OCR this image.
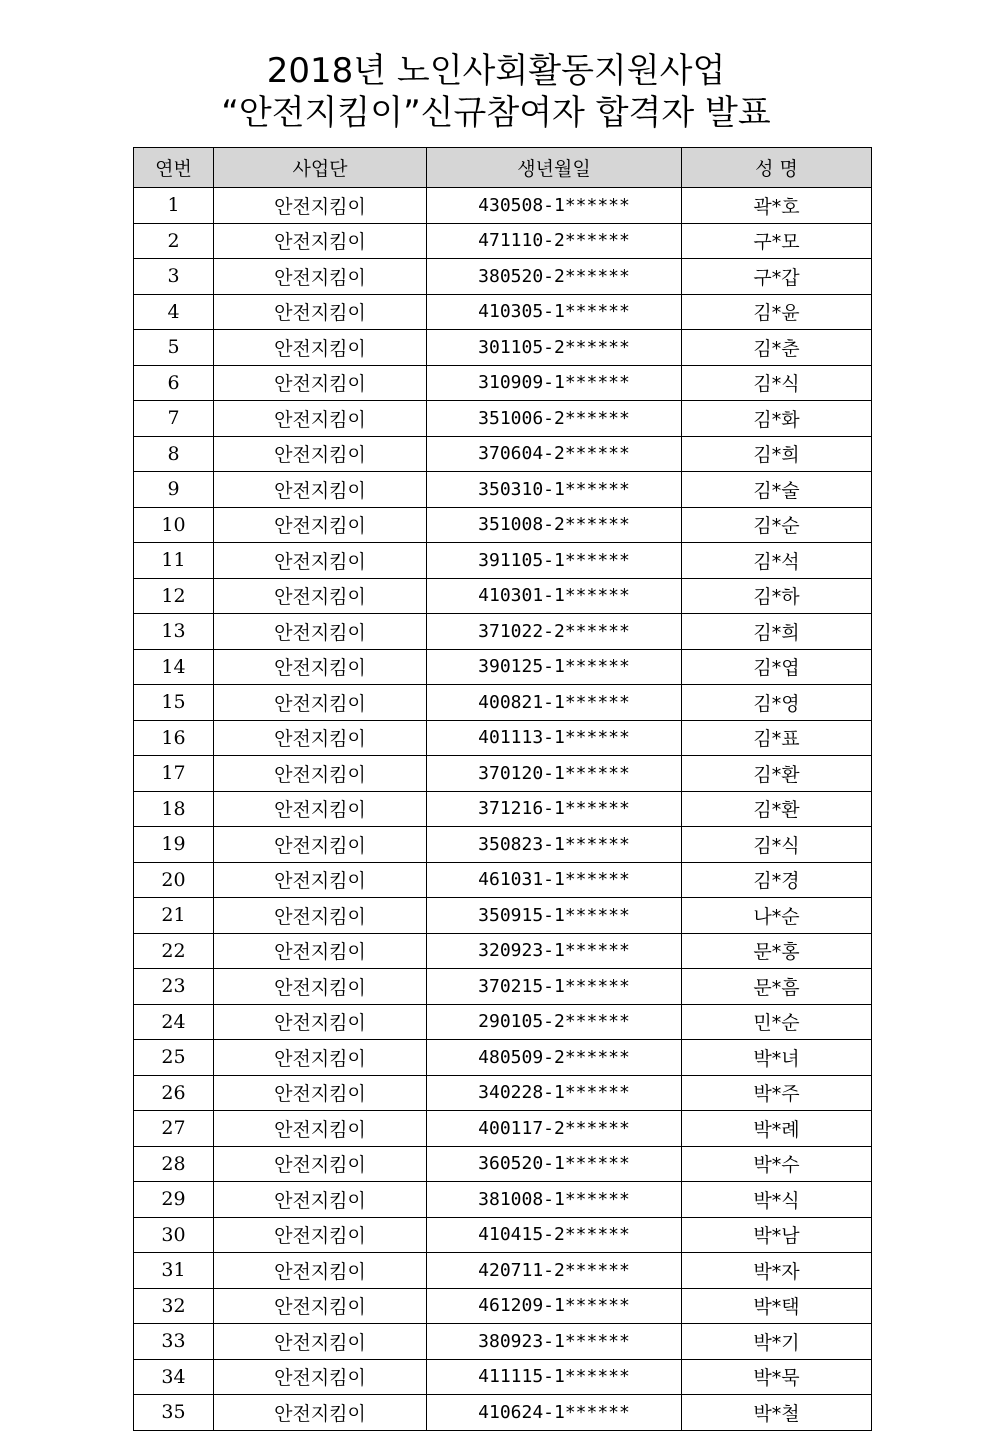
2018년 노인사회활동지원사업
“안전지킴이”신규참여자 합격자 발표
연번	사업단	생년월일	성 명
1	안전지킴이	430508-1******	곽*호
2	안전지킴이	471110-2******	구*모
3	안전지킴이	380520-2******	구*갑
4	안전지킴이	410305-1******	김*윤
5	안전지킴이	301105-2******	김*춘
6	안전지킴이	310909-1******	김*식
7	안전지킴이	351006-2******	김*화
8	안전지킴이	370604-2******	김*희
9	안전지킴이	350310-1******	김*술
10	안전지킴이	351008-2******	김*순
11	안전지킴이	391105-1******	김*석
12	안전지킴이	410301-1******	김*하
13	안전지킴이	371022-2******	김*희
14	안전지킴이	390125-1******	김*엽
15	안전지킴이	400821-1******	김*영
16	안전지킴이	401113-1******	김*표
17	안전지킴이	370120-1******	김*환
18	안전지킴이	371216-1******	김*환
19	안전지킴이	350823-1******	김*식
20	안전지킴이	461031-1******	김*경
21	안전지킴이	350915-1******	나*순
22	안전지킴이	320923-1******	문*홍
23	안전지킴이	370215-1******	문*흠
24	안전지킴이	290105-2******	민*순
25	안전지킴이	480509-2******	박*녀
26	안전지킴이	340228-1******	박*주
27	안전지킴이	400117-2******	박*례
28	안전지킴이	360520-1******	박*수
29	안전지킴이	381008-1******	박*식
30	안전지킴이	410415-2******	박*남
31	안전지킴이	420711-2******	박*자
32	안전지킴이	461209-1******	박*택
33	안전지킴이	380923-1******	박*기
34	안전지킴이	411115-1******	박*묵
35	안전지킴이	410624-1******	박*철
